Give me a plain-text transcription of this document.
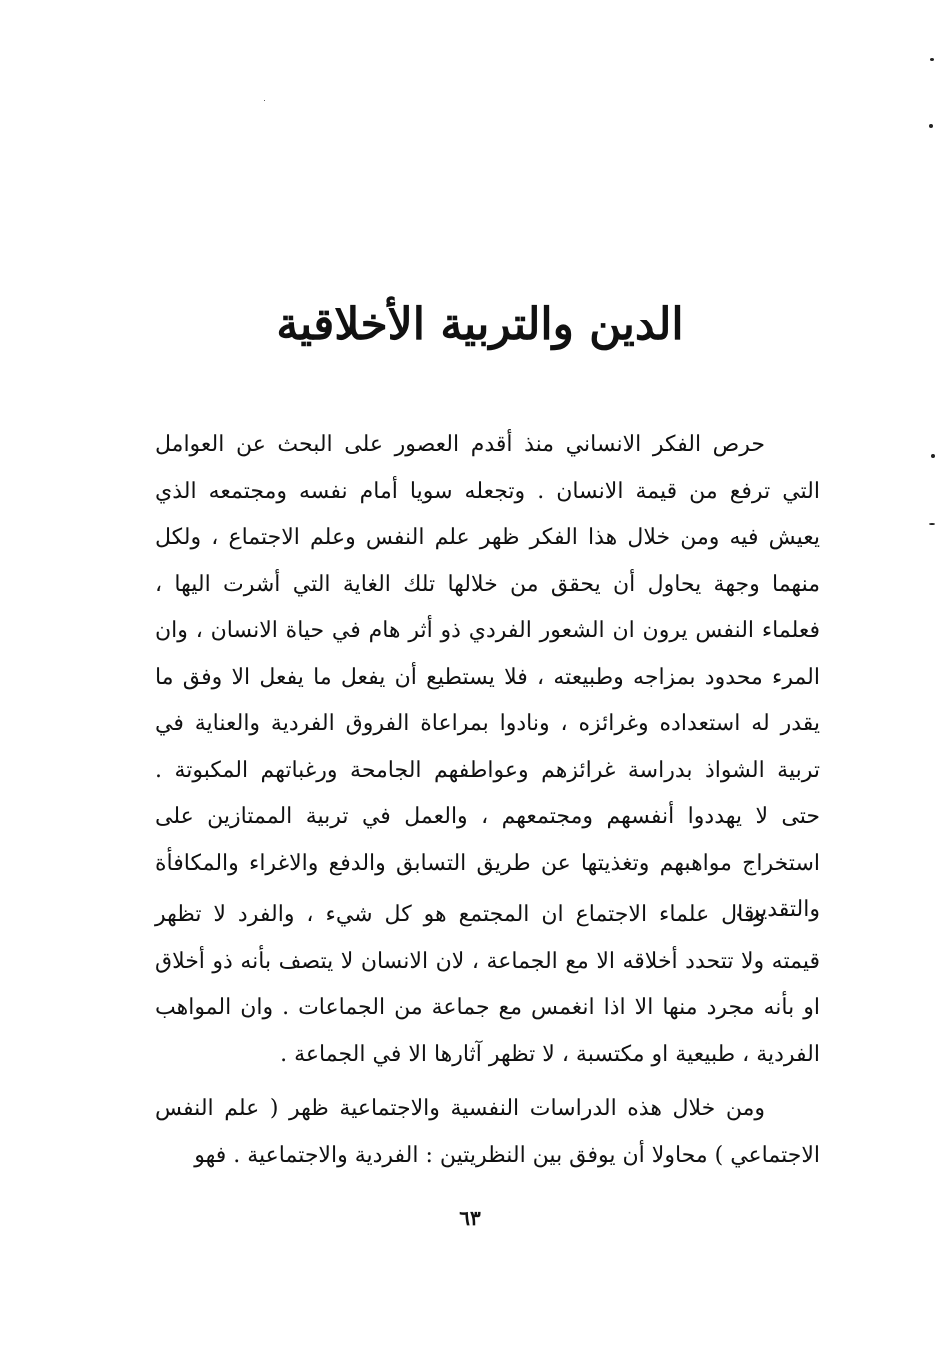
الدين والتربية الأخلاقية

حرص الفكر الانساني منذ أقدم العصور على البحث عن العوامل التي ترفع من قيمة الانسان . وتجعله سويا أمام نفسه ومجتمعه الذي يعيش فيه ومن خلال هذا الفكر ظهر علم النفس وعلم الاجتماع ، ولكل منهما وجهة يحاول أن يحقق من خلالها تلك الغاية التي أشرت اليها ، فعلماء النفس يرون ان الشعور الفردي ذو أثر هام في حياة الانسان ، وان المرء محدود بمزاجه وطبيعته ، فلا يستطيع أن يفعل ما يفعل الا وفق ما يقدر له استعداده وغرائزه ، ونادوا بمراعاة الفروق الفردية والعناية في تربية الشواذ بدراسة غرائزهم وعواطفهم الجامحة ورغباتهم المكبوتة . حتى لا يهددوا أنفسهم ومجتمعهم ، والعمل في تربية الممتازين على استخراج مواهبهم وتغذيتها عن طريق التسابق والدفع والاغراء والمكافأة والتقدير .

وقال علماء الاجتماع ان المجتمع هو كل شيء ، والفرد لا تظهر قيمته ولا تتحدد أخلاقه الا مع الجماعة ، لان الانسان لا يتصف بأنه ذو أخلاق او بأنه مجرد منها الا اذا انغمس مع جماعة من الجماعات . وان المواهب الفردية ، طبيعية او مكتسبة ، لا تظهر آثارها الا في الجماعة .

ومن خلال هذه الدراسات النفسية والاجتماعية ظهر ( علم النفس الاجتماعي ) محاولا أن يوفق بين النظريتين : الفردية والاجتماعية . فهو

٦٣
